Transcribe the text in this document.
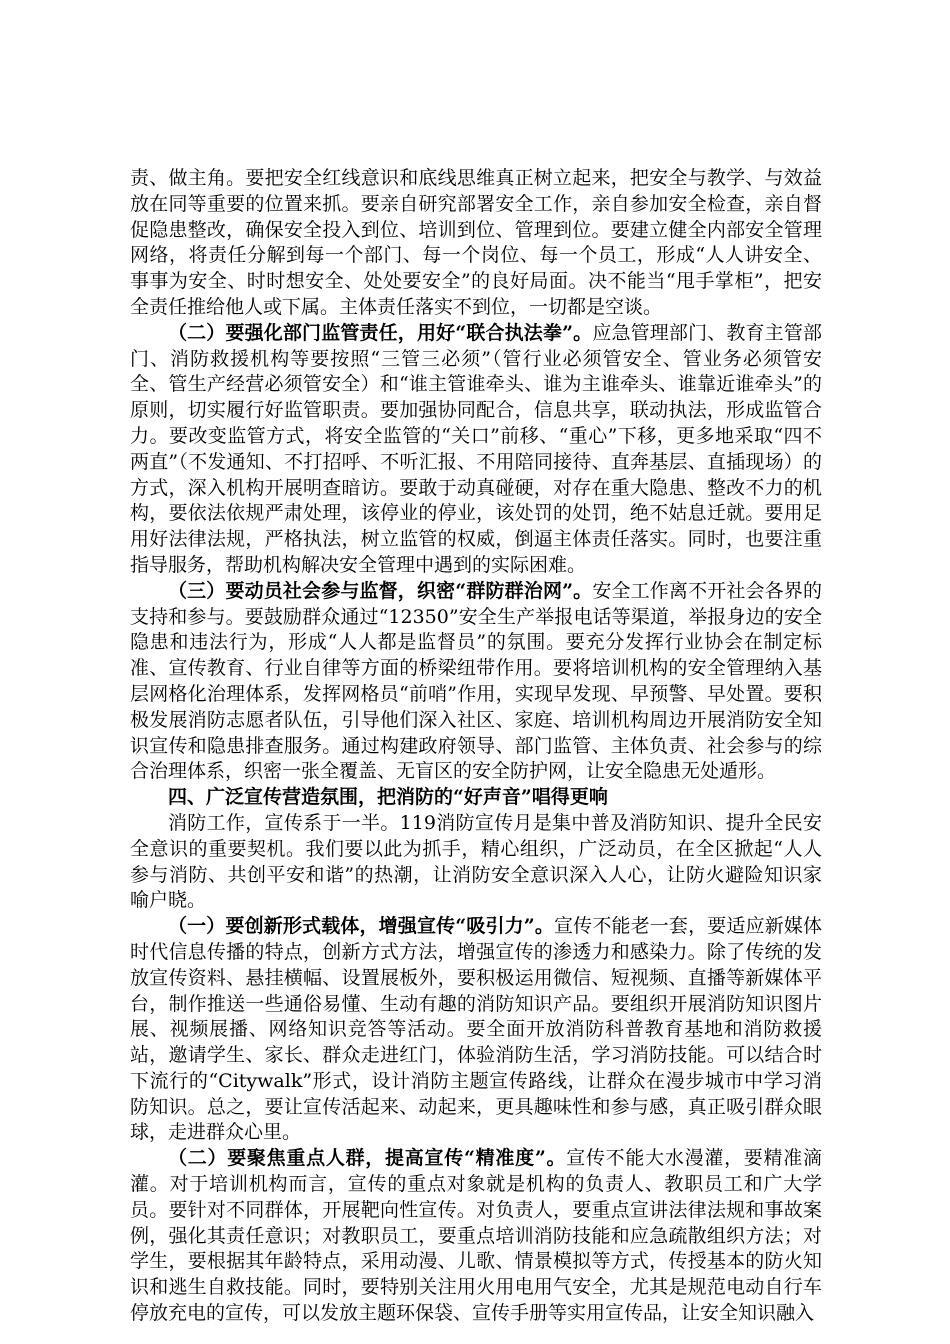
责、做主角。要把安全红线意识和底线思维真正树立起来，把安全与教学、与效益放在同等重要的位置来抓。要亲自研究部署安全工作，亲自参加安全检查，亲自督促隐患整改，确保安全投入到位、培训到位、管理到位。要建立健全内部安全管理网络，将责任分解到每一个部门、每一个岗位、每一个员工，形成“人人讲安全、事事为安全、时时想安全、处处要安全”的良好局面。决不能当“甩手掌柜”，把安全责任推给他人或下属。主体责任落实不到位，一切都是空谈。

（二）要强化部门监管责任，用好“联合执法拳”。应急管理部门、教育主管部门、消防救援机构等要按照“三管三必须”（管行业必须管安全、管业务必须管安全、管生产经营必须管安全）和“谁主管谁牵头、谁为主谁牵头、谁靠近谁牵头”的原则，切实履行好监管职责。要加强协同配合，信息共享，联动执法，形成监管合力。要改变监管方式，将安全监管的“关口”前移、“重心”下移，更多地采取“四不两直”（不发通知、不打招呼、不听汇报、不用陪同接待、直奔基层、直插现场）的方式，深入机构开展明查暗访。要敢于动真碰硬，对存在重大隐患、整改不力的机构，要依法依规严肃处理，该停业的停业，该处罚的处罚，绝不姑息迁就。要用足用好法律法规，严格执法，树立监管的权威，倒逼主体责任落实。同时，也要注重指导服务，帮助机构解决安全管理中遇到的实际困难。

（三）要动员社会参与监督，织密“群防群治网”。安全工作离不开社会各界的支持和参与。要鼓励群众通过“12350”安全生产举报电话等渠道，举报身边的安全隐患和违法行为，形成“人人都是监督员”的氛围。要充分发挥行业协会在制定标准、宣传教育、行业自律等方面的桥梁纽带作用。要将培训机构的安全管理纳入基层网格化治理体系，发挥网格员“前哨”作用，实现早发现、早预警、早处置。要积极发展消防志愿者队伍，引导他们深入社区、家庭、培训机构周边开展消防安全知识宣传和隐患排查服务。通过构建政府领导、部门监管、主体负责、社会参与的综合治理体系，织密一张全覆盖、无盲区的安全防护网，让安全隐患无处遁形。

四、广泛宣传营造氛围，把消防的“好声音”唱得更响

消防工作，宣传系于一半。119消防宣传月是集中普及消防知识、提升全民安全意识的重要契机。我们要以此为抓手，精心组织，广泛动员，在全区掀起“人人参与消防、共创平安和谐”的热潮，让消防安全意识深入人心，让防火避险知识家喻户晓。

（一）要创新形式载体，增强宣传“吸引力”。宣传不能老一套，要适应新媒体时代信息传播的特点，创新方式方法，增强宣传的渗透力和感染力。除了传统的发放宣传资料、悬挂横幅、设置展板外，要积极运用微信、短视频、直播等新媒体平台，制作推送一些通俗易懂、生动有趣的消防知识产品。要组织开展消防知识图片展、视频展播、网络知识竞答等活动。要全面开放消防科普教育基地和消防救援站，邀请学生、家长、群众走进红门，体验消防生活，学习消防技能。可以结合时下流行的“Citywalk”形式，设计消防主题宣传路线，让群众在漫步城市中学习消防知识。总之，要让宣传活起来、动起来，更具趣味性和参与感，真正吸引群众眼球，走进群众心里。

（二）要聚焦重点人群，提高宣传“精准度”。宣传不能大水漫灌，要精准滴灌。对于培训机构而言，宣传的重点对象就是机构的负责人、教职员工和广大学员。要针对不同群体，开展靶向性宣传。对负责人，要重点宣讲法律法规和事故案例，强化其责任意识；对教职员工，要重点培训消防技能和应急疏散组织方法；对学生，要根据其年龄特点，采用动漫、儿歌、情景模拟等方式，传授基本的防火知识和逃生自救技能。同时，要特别关注用火用电用气安全，尤其是规范电动自行车停放充电的宣传，可以发放主题环保袋、宣传手册等实用宣传品，让安全知识融入
